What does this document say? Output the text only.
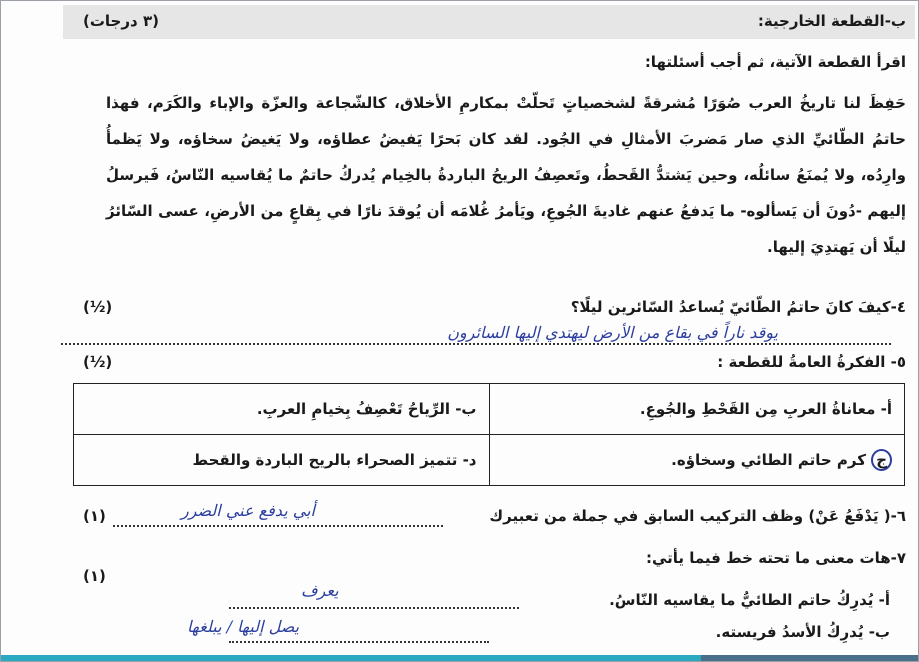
ب-القطعة الخارجية:
(٣ درجات)
اقرأ القطعة الآتية، ثم أجب أسئلتها:
حَفِظَ لنا تاريخُ العرب صُوَرًا مُشرقةً لشخصياتٍ تَحلّتْ بمكارمِ الأخلاق، كالشّجاعة والعزّة والإباء والكَرَم، فهذا حاتمُ الطّائيِّ الذي صار مَضربَ الأمثالِ في الجُود. لقد كان بَحرًا يَفيضُ عطاؤه، ولا يَغيضُ سخاؤه، ولا يَظمأُ وارِدُه، ولا يُمنَعُ سائلُه، وحين يَشتدُّ القَحطُ، وتَعصِفُ الريحُ الباردةُ بالخِيام يُدركُ حاتمٌ ما يُقاسيه النّاسُ، فَيرسلُ إليهم -دُونَ أن يَسألوه- ما يَدفعُ عنهم غاديةَ الجُوعِ، ويَأمرُ غُلامَه أن يُوقدَ نارًا في بِقاعٍ من الأرضِ، عسى السّائرُ ليلًا أن يَهتدِيَ إليها.
٤-كيفَ كانَ حاتمُ الطّائيّ يُساعدُ السّائرين ليلًا؟
(½)
يوقد ناراً في بقاع من الأرض ليهتدي إليها السائرون
٥- الفكرةُ العامةُ للقطعة :
(½)
أ- معاناةُ العربِ مِن القَحْطِ والجُوعِ.	ب- الرِّياحُ تَعْصِفُ بِخيامِ العربِ.
ج كرم حاتم الطائي وسخاؤه.	د- تتميز الصحراء بالريح الباردة والقحط
٦-( يَدْفَعُ عَنْ) وظف التركيب السابق في جملة من تعبيرك
(١)	أبي يدفع عني الضرر
٧-هات معنى ما تحته خط فيما يأتي:
(١)
أ- يُدرِكُ حاتم الطائيُّ ما يقاسيه النّاسُ.
يعرف
ب- يُدرِكُ الأسدُ فريسته.
يصل إليها / يبلغها
